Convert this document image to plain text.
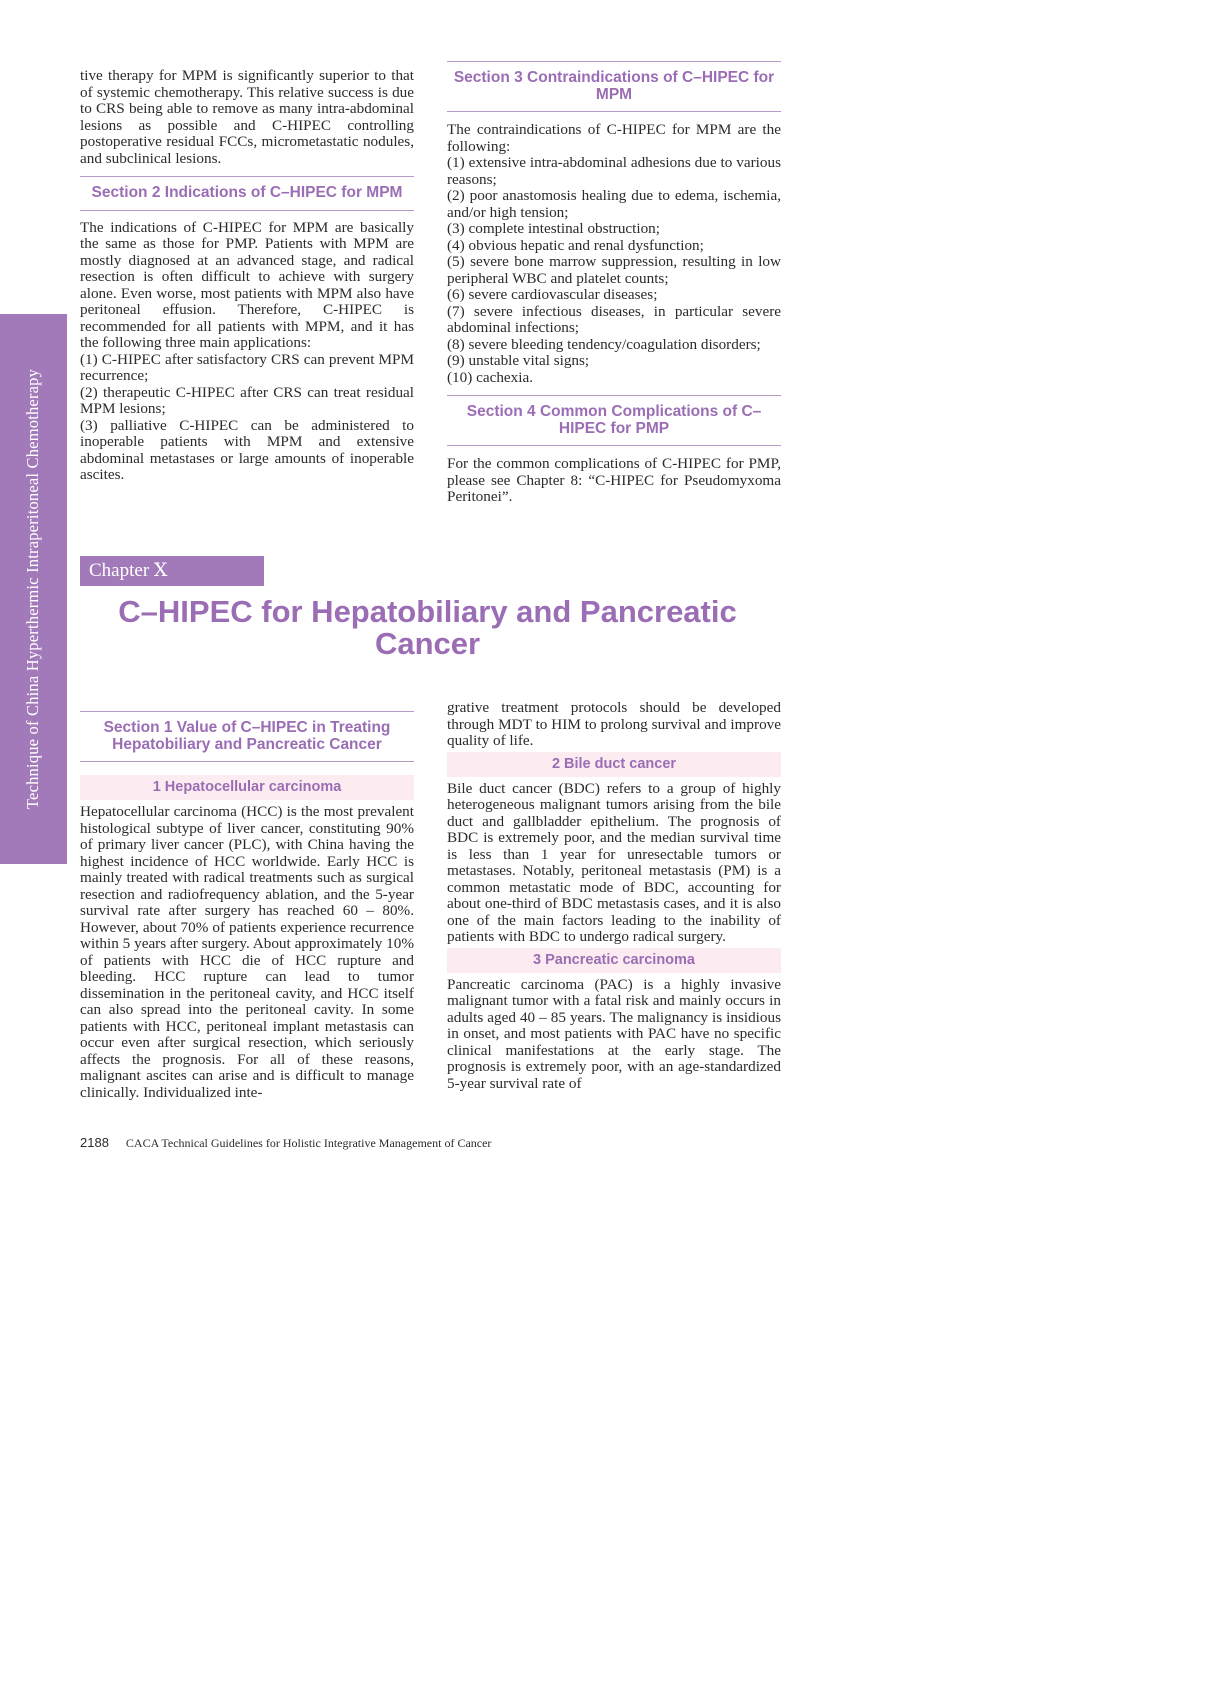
Technique of China Hyperthermic Intraperitoneal Chemotherapy

tive therapy for MPM is significantly superior to that of systemic chemotherapy. This relative success is due to CRS being able to remove as many intra-abdominal lesions as possible and C-HIPEC controlling postoperative residual FCCs, micrometastatic nodules, and subclinical lesions.

Section 2 Indications of C–HIPEC for MPM

The indications of C-HIPEC for MPM are basically the same as those for PMP. Patients with MPM are mostly diagnosed at an advanced stage, and radical resection is often difficult to achieve with surgery alone. Even worse, most patients with MPM also have peritoneal effusion. Therefore, C-HIPEC is recommended for all patients with MPM, and it has the following three main applications:

(1) C-HIPEC after satisfactory CRS can prevent MPM recurrence;

(2) therapeutic C-HIPEC after CRS can treat residual MPM lesions;

(3) palliative C-HIPEC can be administered to inoperable patients with MPM and extensive abdominal metastases or large amounts of inoperable ascites.

Section 3 Contraindications of C–HIPEC for MPM

The contraindications of C-HIPEC for MPM are the following:

(1) extensive intra-abdominal adhesions due to various reasons;

(2) poor anastomosis healing due to edema, ischemia, and/or high tension;

(3) complete intestinal obstruction;

(4) obvious hepatic and renal dysfunction;

(5) severe bone marrow suppression, resulting in low peripheral WBC and platelet counts;

(6) severe cardiovascular diseases;

(7) severe infectious diseases, in particular severe abdominal infections;

(8) severe bleeding tendency/coagulation disorders;

(9) unstable vital signs;

(10) cachexia.

Section 4 Common Complications of C–HIPEC for PMP

For the common complications of C-HIPEC for PMP, please see Chapter 8: “C-HIPEC for Pseudomyxoma Peritonei”.

Chapter Ⅹ
C–HIPEC for Hepatobiliary and Pancreatic Cancer
Section 1 Value of C–HIPEC in Treating Hepatobiliary and Pancreatic Cancer
1 Hepatocellular carcinoma

Hepatocellular carcinoma (HCC) is the most prevalent histological subtype of liver cancer, constituting 90% of primary liver cancer (PLC), with China having the highest incidence of HCC worldwide. Early HCC is mainly treated with radical treatments such as surgical resection and radiofrequency ablation, and the 5-year survival rate after surgery has reached 60 – 80%. However, about 70% of patients experience recurrence within 5 years after surgery. About approximately 10% of patients with HCC die of HCC rupture and bleeding. HCC rupture can lead to tumor dissemination in the peritoneal cavity, and HCC itself can also spread into the peritoneal cavity. In some patients with HCC, peritoneal implant metastasis can occur even after surgical resection, which seriously affects the prognosis. For all of these reasons, malignant ascites can arise and is difficult to manage clinically. Individualized inte-

grative treatment protocols should be developed through MDT to HIM to prolong survival and improve quality of life.

2 Bile duct cancer

Bile duct cancer (BDC) refers to a group of highly heterogeneous malignant tumors arising from the bile duct and gallbladder epithelium. The prognosis of BDC is extremely poor, and the median survival time is less than 1 year for unresectable tumors or metastases. Notably, peritoneal metastasis (PM) is a common metastatic mode of BDC, accounting for about one-third of BDC metastasis cases, and it is also one of the main factors leading to the inability of patients with BDC to undergo radical surgery.

3 Pancreatic carcinoma

Pancreatic carcinoma (PAC) is a highly invasive malignant tumor with a fatal risk and mainly occurs in adults aged 40 – 85 years. The malignancy is insidious in onset, and most patients with PAC have no specific clinical manifestations at the early stage. The prognosis is extremely poor, with an age-standardized 5-year survival rate of

2188 CACA Technical Guidelines for Holistic Integrative Management of Cancer
